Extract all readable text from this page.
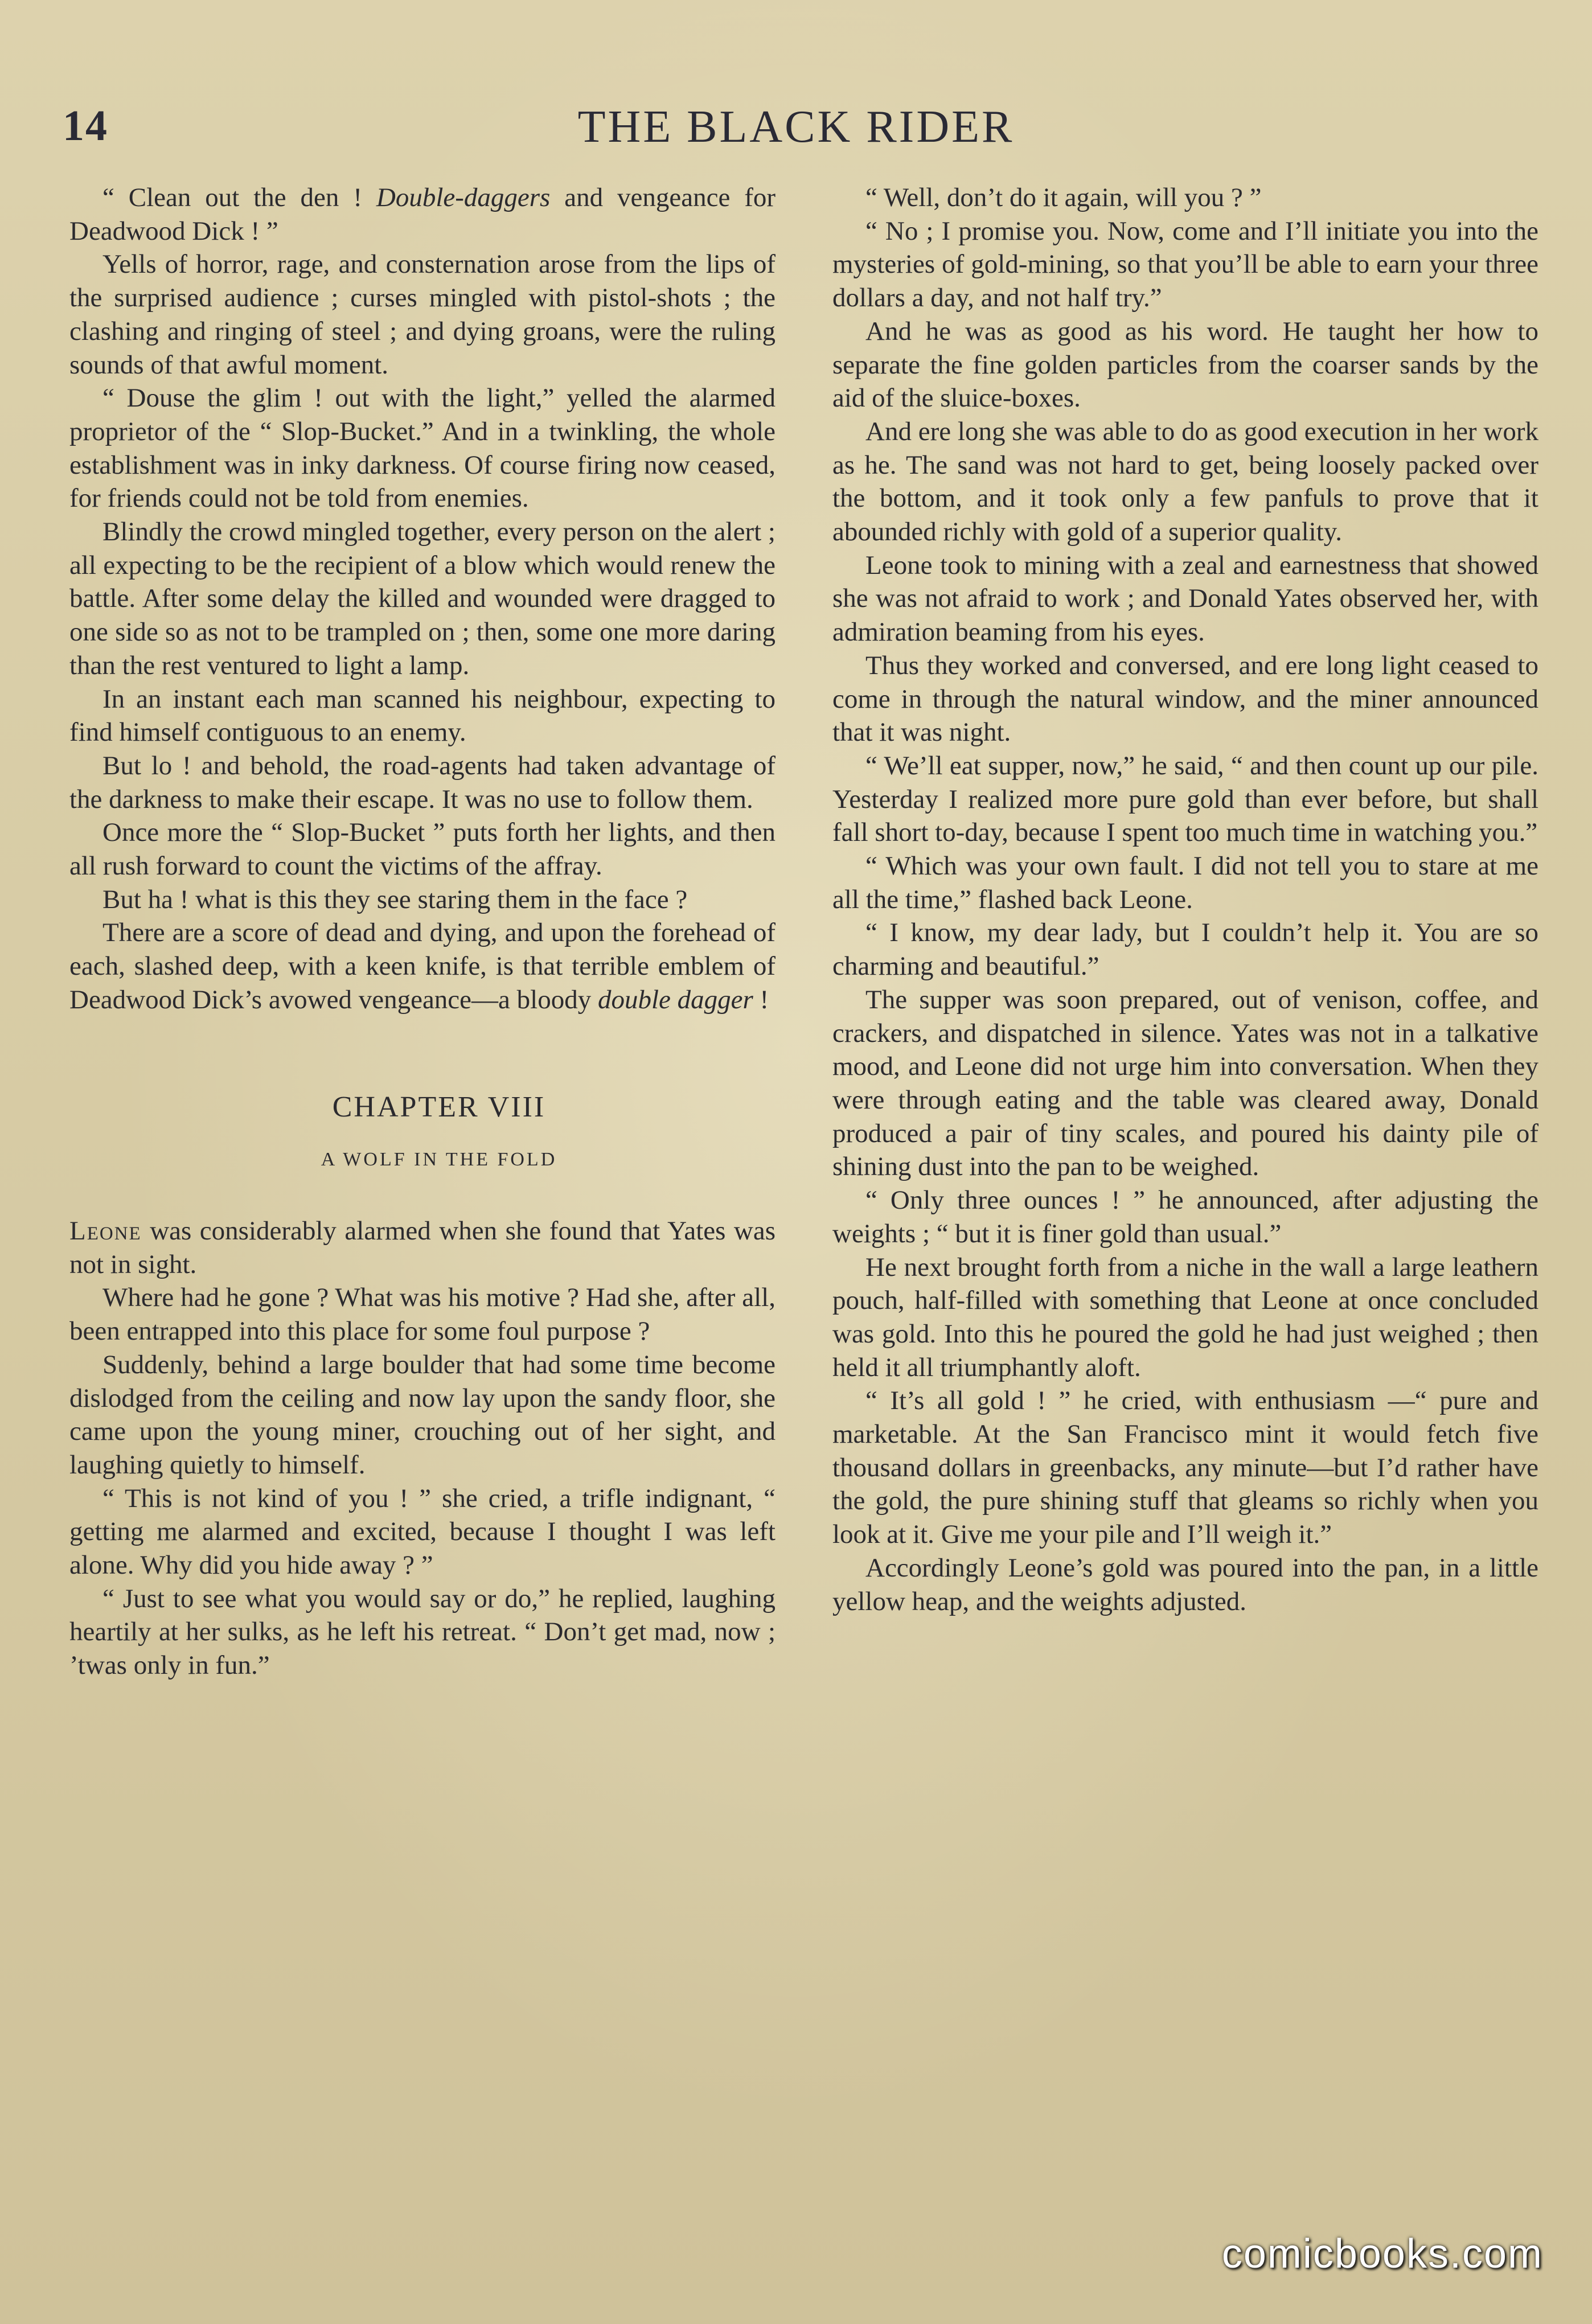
14	THE BLACK RIDER

“ Clean out the den ! Double-daggers and vengeance for Deadwood Dick ! ”

Yells of horror, rage, and consternation arose from the lips of the surprised audience ; curses mingled with pistol-shots ; the clashing and ringing of steel ; and dying groans, were the ruling sounds of that awful moment.

“ Douse the glim ! out with the light,” yelled the alarmed proprietor of the “ Slop-Bucket.” And in a twinkling, the whole establishment was in inky darkness. Of course firing now ceased, for friends could not be told from enemies.

Blindly the crowd mingled together, every person on the alert ; all expecting to be the recipient of a blow which would renew the battle. After some delay the killed and wounded were dragged to one side so as not to be trampled on ; then, some one more daring than the rest ventured to light a lamp.

In an instant each man scanned his neighbour, expecting to find himself contiguous to an enemy.

But lo ! and behold, the road-agents had taken advantage of the darkness to make their escape. It was no use to follow them.

Once more the “ Slop-Bucket ” puts forth her lights, and then all rush forward to count the victims of the affray.

But ha ! what is this they see staring them in the face ?

There are a score of dead and dying, and upon the forehead of each, slashed deep, with a keen knife, is that terrible emblem of Deadwood Dick’s avowed vengeance—a bloody double dagger !

CHAPTER VIII

A WOLF IN THE FOLD

Leone was considerably alarmed when she found that Yates was not in sight.

Where had he gone ? What was his motive ? Had she, after all, been entrapped into this place for some foul purpose ?

Suddenly, behind a large boulder that had some time become dislodged from the ceiling and now lay upon the sandy floor, she came upon the young miner, crouching out of her sight, and laughing quietly to himself.

“ This is not kind of you ! ” she cried, a trifle indignant, “ getting me alarmed and excited, because I thought I was left alone. Why did you hide away ? ”

“ Just to see what you would say or do,” he replied, laughing heartily at her sulks, as he left his retreat. “ Don’t get mad, now ; ’twas only in fun.”

“ Well, don’t do it again, will you ? ”

“ No ; I promise you. Now, come and I’ll initiate you into the mysteries of gold-mining, so that you’ll be able to earn your three dollars a day, and not half try.”

And he was as good as his word. He taught her how to separate the fine golden particles from the coarser sands by the aid of the sluice-boxes.

And ere long she was able to do as good execution in her work as he. The sand was not hard to get, being loosely packed over the bottom, and it took only a few panfuls to prove that it abounded richly with gold of a superior quality.

Leone took to mining with a zeal and earnestness that showed she was not afraid to work ; and Donald Yates observed her, with admiration beaming from his eyes.

Thus they worked and conversed, and ere long light ceased to come in through the natural window, and the miner announced that it was night.

“ We’ll eat supper, now,” he said, “ and then count up our pile. Yesterday I realized more pure gold than ever before, but shall fall short to-day, because I spent too much time in watching you.”

“ Which was your own fault. I did not tell you to stare at me all the time,” flashed back Leone.

“ I know, my dear lady, but I couldn’t help it. You are so charming and beautiful.”

The supper was soon prepared, out of venison, coffee, and crackers, and dispatched in silence. Yates was not in a talkative mood, and Leone did not urge him into conversation. When they were through eating and the table was cleared away, Donald produced a pair of tiny scales, and poured his dainty pile of shining dust into the pan to be weighed.

“ Only three ounces ! ” he announced, after adjusting the weights ; “ but it is finer gold than usual.”

He next brought forth from a niche in the wall a large leathern pouch, half-filled with something that Leone at once concluded was gold. Into this he poured the gold he had just weighed ; then held it all triumphantly aloft.

“ It’s all gold ! ” he cried, with enthusiasm —“ pure and marketable. At the San Francisco mint it would fetch five thousand dollars in greenbacks, any minute—but I’d rather have the gold, the pure shining stuff that gleams so richly when you look at it. Give me your pile and I’ll weigh it.”

Accordingly Leone’s gold was poured into the pan, in a little yellow heap, and the weights adjusted.

comicbooks.com
